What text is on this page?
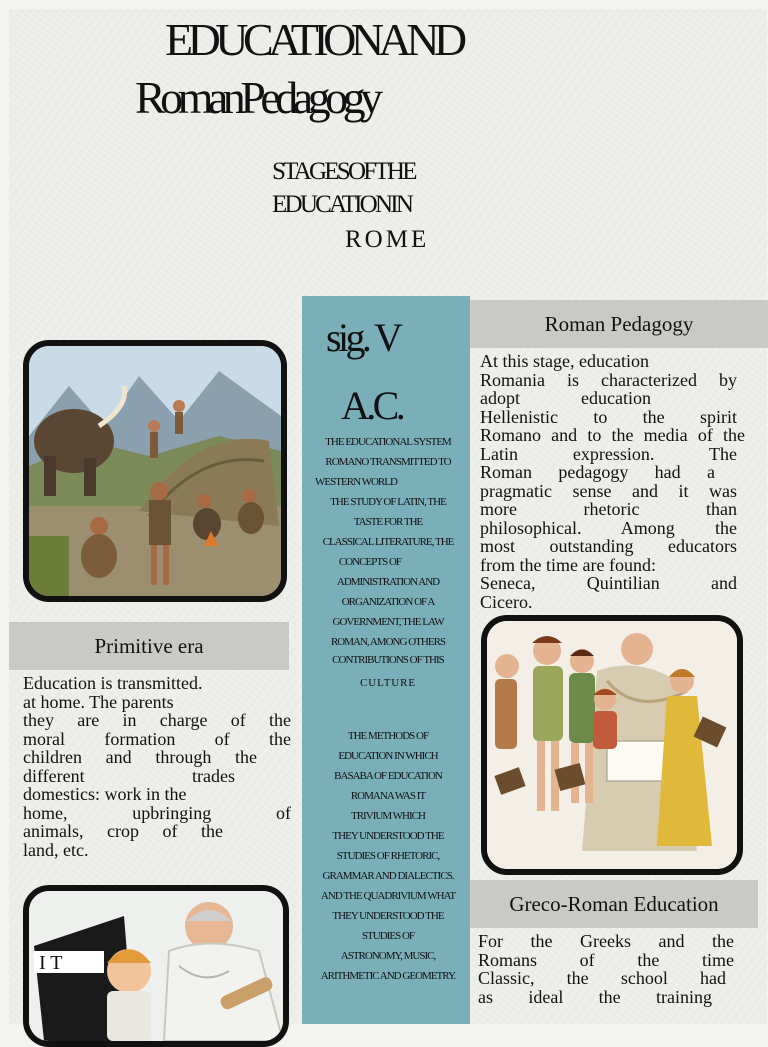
EDUCATIONAND
RomanPedagogy
STAGESOFTHE
EDUCATIONIN
ROME
sig. V
A.C.
THE EDUCATIONAL SYSTEM
ROMANO TRANSMITTED TO
WESTERN WORLD
THE STUDY OF LATIN, THE
TASTE FOR THE
CLASSICAL LITERATURE, THE
CONCEPTS OF
ADMINISTRATION AND
ORGANIZATION OF A
GOVERNMENT, THE LAW
ROMAN, AMONG OTHERS
CONTRIBUTIONS OF THIS
CULTURE
THE METHODS OF
EDUCATION IN WHICH
BASABA OF EDUCATION
ROMANA WAS IT
TRIVIUM WHICH
THEY UNDERSTOOD THE
STUDIES OF RHETORIC,
GRAMMAR AND DIALECTICS.
AND THE QUADRIVIUM WHAT
THEY UNDERSTOOD THE
STUDIES OF
ASTRONOMY, MUSIC,
ARITHMETIC AND GEOMETRY.
Primitive era
Roman Pedagogy
Greco-Roman Education
Education is transmitted.
at home. The parents
they are in charge of the
moral formation of the
children and through the
different trades
domestics: work in the
home, upbringing of
animals, crop of the
land, etc.
At this stage, education
Romania is characterized by
adopt education
Hellenistic to the spirit
Romano and to the media of the
Latin expression. The
Roman pedagogy had a
pragmatic sense and it was
more rhetoric than
philosophical. Among the
most outstanding educators
from the time are found:
Seneca, Quintilian and
Cicero.
For the Greeks and the
Romans of the time
Classic, the school had
as ideal the training
I T
